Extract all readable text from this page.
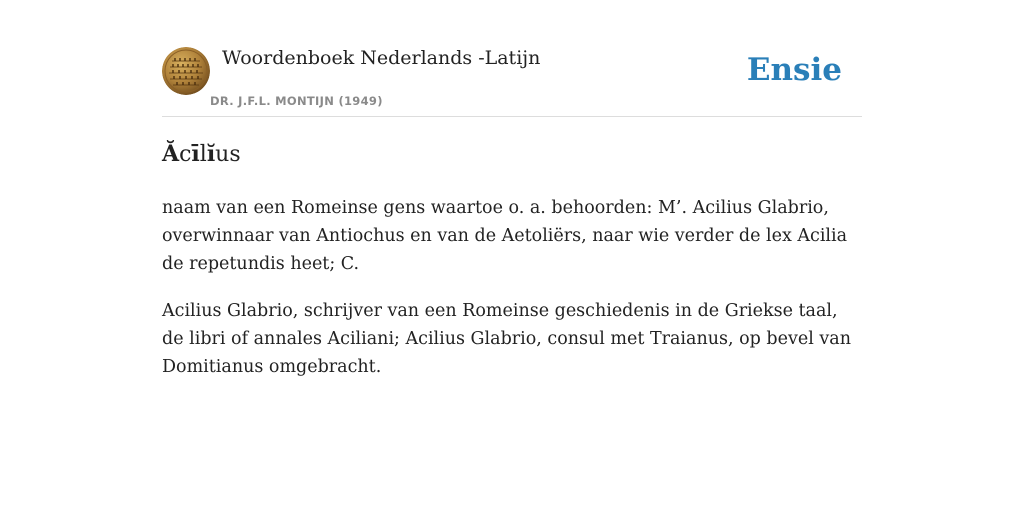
Woordenboek Nederlands -Latijn
DR. J.F.L. MONTIJN (1949)
Ensie
Ăcīlĭus

naam van een Romeinse gens waartoe o. a. behoorden: M’. Acilius Glabrio, overwinnaar van Antiochus en van de Aetoliërs, naar wie verder de lex Acilia de repetundis heet; C.

Acilius Glabrio, schrijver van een Romeinse geschiedenis in de Griekse taal, de libri of annales Aciliani; Acilius Glabrio, consul met Traianus, op bevel van Domitianus omgebracht.
